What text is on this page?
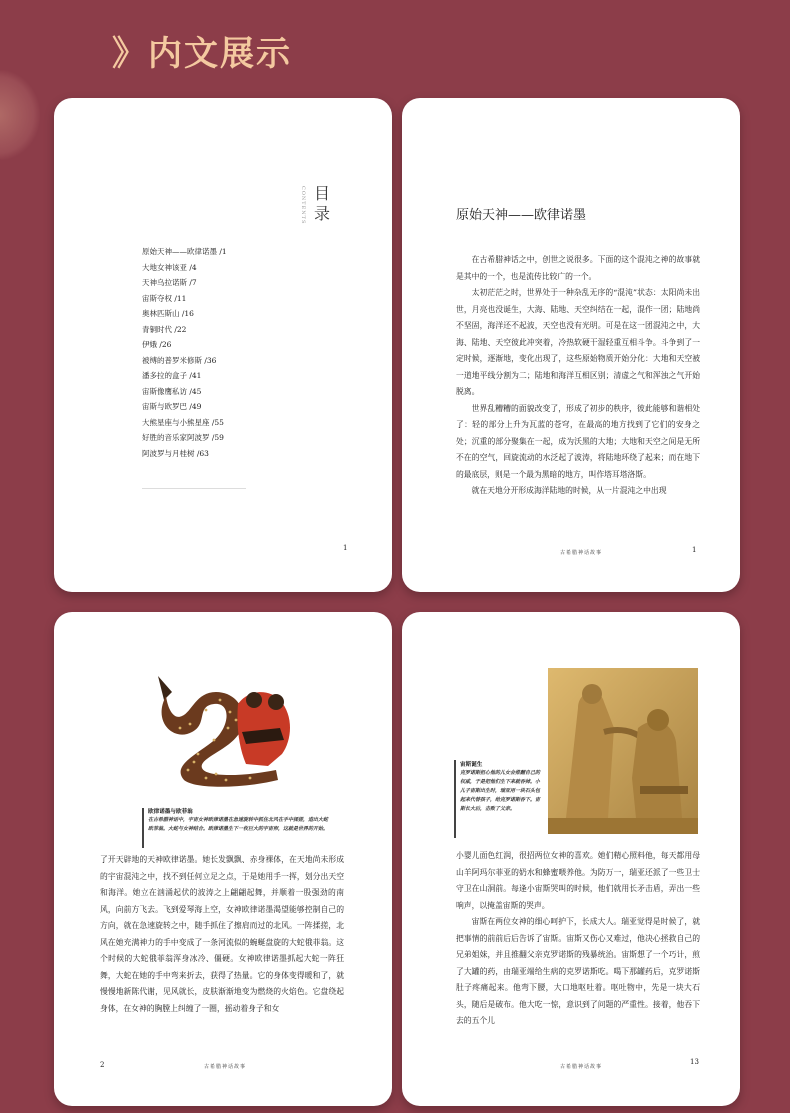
》内文展示
CONTENTS 目录
原始天神——欧律诺墨 /1
大地女神该亚 /4
天神乌拉诺斯 /7
宙斯夺权 /11
奥林匹斯山 /16
青铜时代 /22
伊娥 /26
被缚的普罗米修斯 /36
潘多拉的盒子 /41
宙斯像鹰私访 /45
宙斯与欧罗巴 /49
大熊星座与小熊星座 /55
好胜的音乐家阿波罗 /59
阿波罗与月桂树 /63
1
原始天神——欧律诺墨

在古希腊神话之中，创世之说很多。下面的这个混沌之神的故事就是其中的一个，也是流传比较广的一个。

太初茫茫之时，世界处于一种杂乱无序的“混沌”状态：太阳尚未出世，月亮也没诞生，大海、陆地、天空纠结在一起，混作一团；陆地尚不坚固，海洋还不起波，天空也没有光明。可是在这一团混沌之中，大海、陆地、天空彼此冲突着，冷热软硬干湿轻重互相斗争。斗争到了一定时候，逐渐地，变化出现了，这些原始物质开始分化：大地和天空被一道地平线分割为二；陆地和海洋互相区别；清虚之气和浑浊之气开始脱离。

世界乱糟糟的面貌改变了，形成了初步的秩序，彼此能够和谐相处了：轻的部分上升为瓦蓝的苍穹，在最高的地方找到了它们的安身之处；沉重的部分聚集在一起，成为沃黑的大地；大地和天空之间是无所不在的空气，回旋流动的水泛起了波涛，将陆地环绕了起来；而在地下的最底层，则是一个最为黑暗的地方，叫作塔耳塔洛斯。

就在天地分开形成海洋陆地的时候，从一片混沌之中出现

古希腊神话故事	1
欧律诺墨与欧菲翁
在古希腊神话中，宇宙女神欧律诺墨在急速旋转中抓住北风在手中揉搓，造出大蛇欧菲翁。大蛇与女神结合。欧律诺墨生下一枚巨大的宇宙卵，这就是世界的开始。

了开天辟地的天神欧律诺墨。她长发飘飘、赤身裸体，在天地尚未形成的宇宙混沌之中，找不到任何立足之点，于是她用手一挥，划分出天空和海洋。她立在汹涌起伏的波涛之上翩翩起舞，并顺着一股强劲的南风，向前方飞去。飞到爱琴海上空，女神欧律诺墨渴望能够控制自己的方向，就在急速旋转之中，随手抓住了擦肩而过的北风。一阵揉搓，北风在她充满神力的手中变成了一条河流似的蜿蜒盘旋的大蛇俄菲翁。这个时候的大蛇俄菲翁浑身冰冷、僵硬。女神欧律诺墨抓起大蛇一阵狂舞，大蛇在她的手中弯来折去，获得了热量。它的身体变得暖和了，就慢慢地新陈代谢，见风就长，皮肤渐渐地变为燃烧的火焰色。它盘绕起身体，在女神的胸膛上纠缠了一圈，摇动着身子和女

2	古希腊神话故事
宙斯诞生
克罗诺斯担心他的儿女会推翻自己的权威，于是把他们生下来就吞掉。小儿子宙斯出生时，瑞亚用一块石头包起来代替孩子，给克罗诺斯吞下。宙斯长大后，击败了父亲。

小婴儿面色红润，很招两位女神的喜欢。她们精心照料他，每天都用母山羊阿玛尔菲亚的奶水和蜂蜜喂养他。为防万一，瑞亚还派了一些卫士守卫在山洞前。每逢小宙斯哭叫的时候，他们就用长矛击盾，弄出一些响声，以掩盖宙斯的哭声。

宙斯在两位女神的细心呵护下，长成大人。瑞亚觉得是时候了，就把事情的前前后后告诉了宙斯。宙斯又伤心又难过，他决心拯救自己的兄弟姐妹，并且推翻父亲克罗诺斯的残暴统治。宙斯想了一个巧计，煎了大罐的药，由瑞亚端给生病的克罗诺斯吃。喝下那罐药后，克罗诺斯肚子疼痛起来。他弯下腰，大口地呕吐着。呕吐物中，先是一块大石头，随后是破布。他大吃一惊，意识到了问题的严重性。接着，他吞下去的五个儿

古希腊神话故事
13
